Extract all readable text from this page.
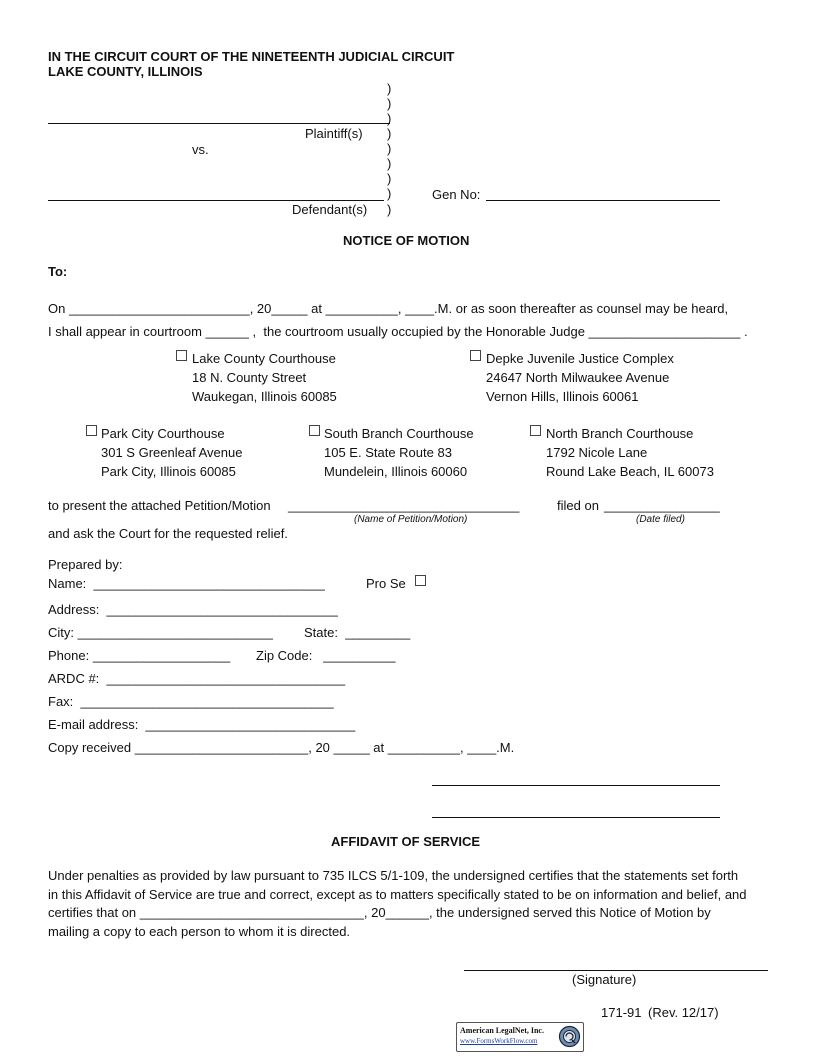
IN THE CIRCUIT COURT OF THE NINETEENTH JUDICIAL CIRCUIT
LAKE COUNTY, ILLINOIS
)
)
)
)
)
)
)
)
)
Plaintiff(s)
vs.
Defendant(s)
Gen No:
NOTICE OF MOTION
To:
On _________________________, 20_____ at __________, ____.M. or as soon thereafter as counsel may be heard,
I shall appear in courtroom ______ ,  the courtroom usually occupied by the Honorable Judge _____________________ .
Lake County Courthouse
18 N. County Street
Waukegan, Illinois 60085
Depke Juvenile Justice Complex
24647 North Milwaukee Avenue
Vernon Hills, Illinois 60061
Park City Courthouse
301 S Greenleaf Avenue
Park City, Illinois 60085
South Branch Courthouse
105 E. State Route 83
Mundelein, Illinois 60060
North Branch Courthouse
1792 Nicole Lane
Round Lake Beach, IL 60073
to present the attached Petition/Motion ________________________________	filed on ________________
(Name of Petition/Motion)	(Date filed)
and ask the Court for the requested relief.
Prepared by:
Name:  ________________________________	Pro Se
Address:  ________________________________
City: ___________________________ State:  _________
Phone: ___________________ Zip Code:   __________
ARDC #:  _________________________________
Fax:  ___________________________________
E-mail address:  _____________________________
Copy received ________________________, 20 _____ at __________, ____.M.
AFFIDAVIT OF SERVICE
Under penalties as provided by law pursuant to 735 ILCS 5/1-109, the undersigned certifies that the statements set forth
in this Affidavit of Service are true and correct, except as to matters specifically stated to be on information and belief, and
certifies that on _______________________________, 20______, the undersigned served this Notice of Motion by
mailing a copy to each person to whom it is directed.
(Signature)
171-91 (Rev. 12/17)
American LegalNet, Inc.
www.FormsWorkFlow.com
